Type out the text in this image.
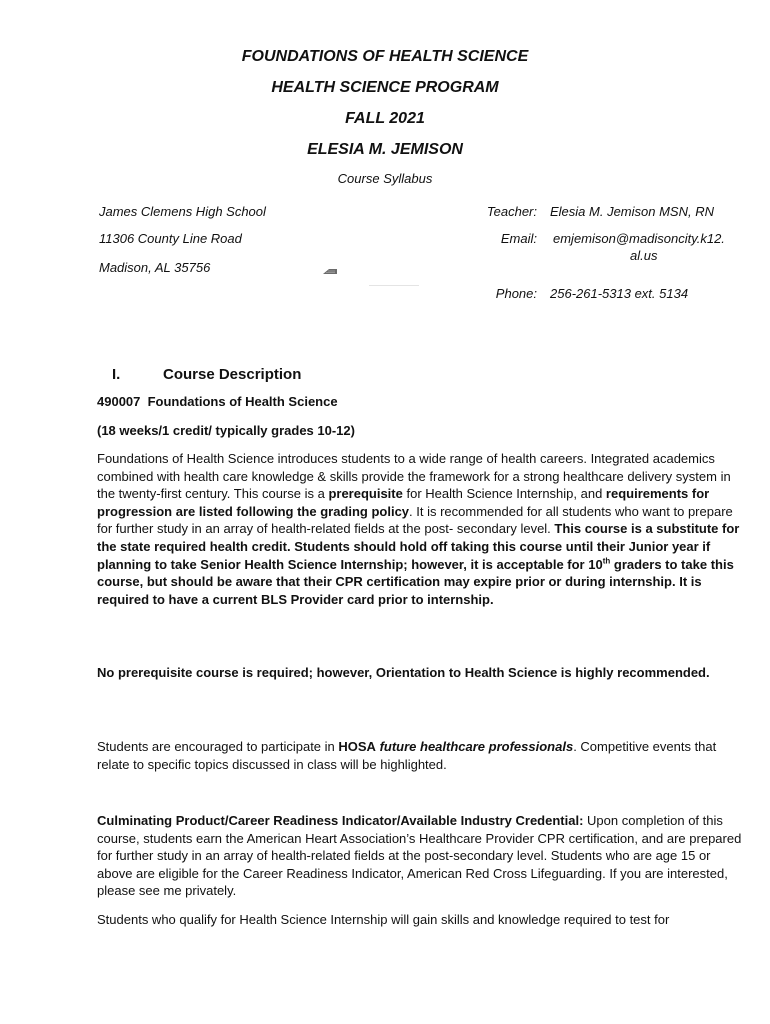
FOUNDATIONS OF HEALTH SCIENCE
HEALTH SCIENCE PROGRAM
FALL 2021
ELESIA M. JEMISON
Course Syllabus
James Clemens High School
11306 County Line Road
Madison, AL 35756
Teacher: Elesia M. Jemison MSN, RN
Email: emjemison@madisoncity.k12.
al.us
Phone: 256-261-5313 ext. 5134
I.	Course Description
490007  Foundations of Health Science
(18 weeks/1 credit/ typically grades 10-12)
Foundations of Health Science introduces students to a wide range of health careers. Integrated academics combined with health care knowledge & skills provide the framework for a strong healthcare delivery system in the twenty-first century. This course is a prerequisite for Health Science Internship, and requirements for progression are listed following the grading policy. It is recommended for all students who want to prepare for further study in an array of health-related fields at the post- secondary level. This course is a substitute for the state required health credit. Students should hold off taking this course until their Junior year if planning to take Senior Health Science Internship; however, it is acceptable for 10th graders to take this course, but should be aware that their CPR certification may expire prior or during internship. It is required to have a current BLS Provider card prior to internship.
No prerequisite course is required; however, Orientation to Health Science is highly recommended.
Students are encouraged to participate in HOSA future healthcare professionals. Competitive events that relate to specific topics discussed in class will be highlighted.
Culminating Product/Career Readiness Indicator/Available Industry Credential: Upon completion of this course, students earn the American Heart Association’s Healthcare Provider CPR certification, and are prepared for further study in an array of health-related fields at the post-secondary level. Students who are age 15 or above are eligible for the Career Readiness Indicator, American Red Cross Lifeguarding. If you are interested, please see me privately.
Students who qualify for Health Science Internship will gain skills and knowledge required to test for
